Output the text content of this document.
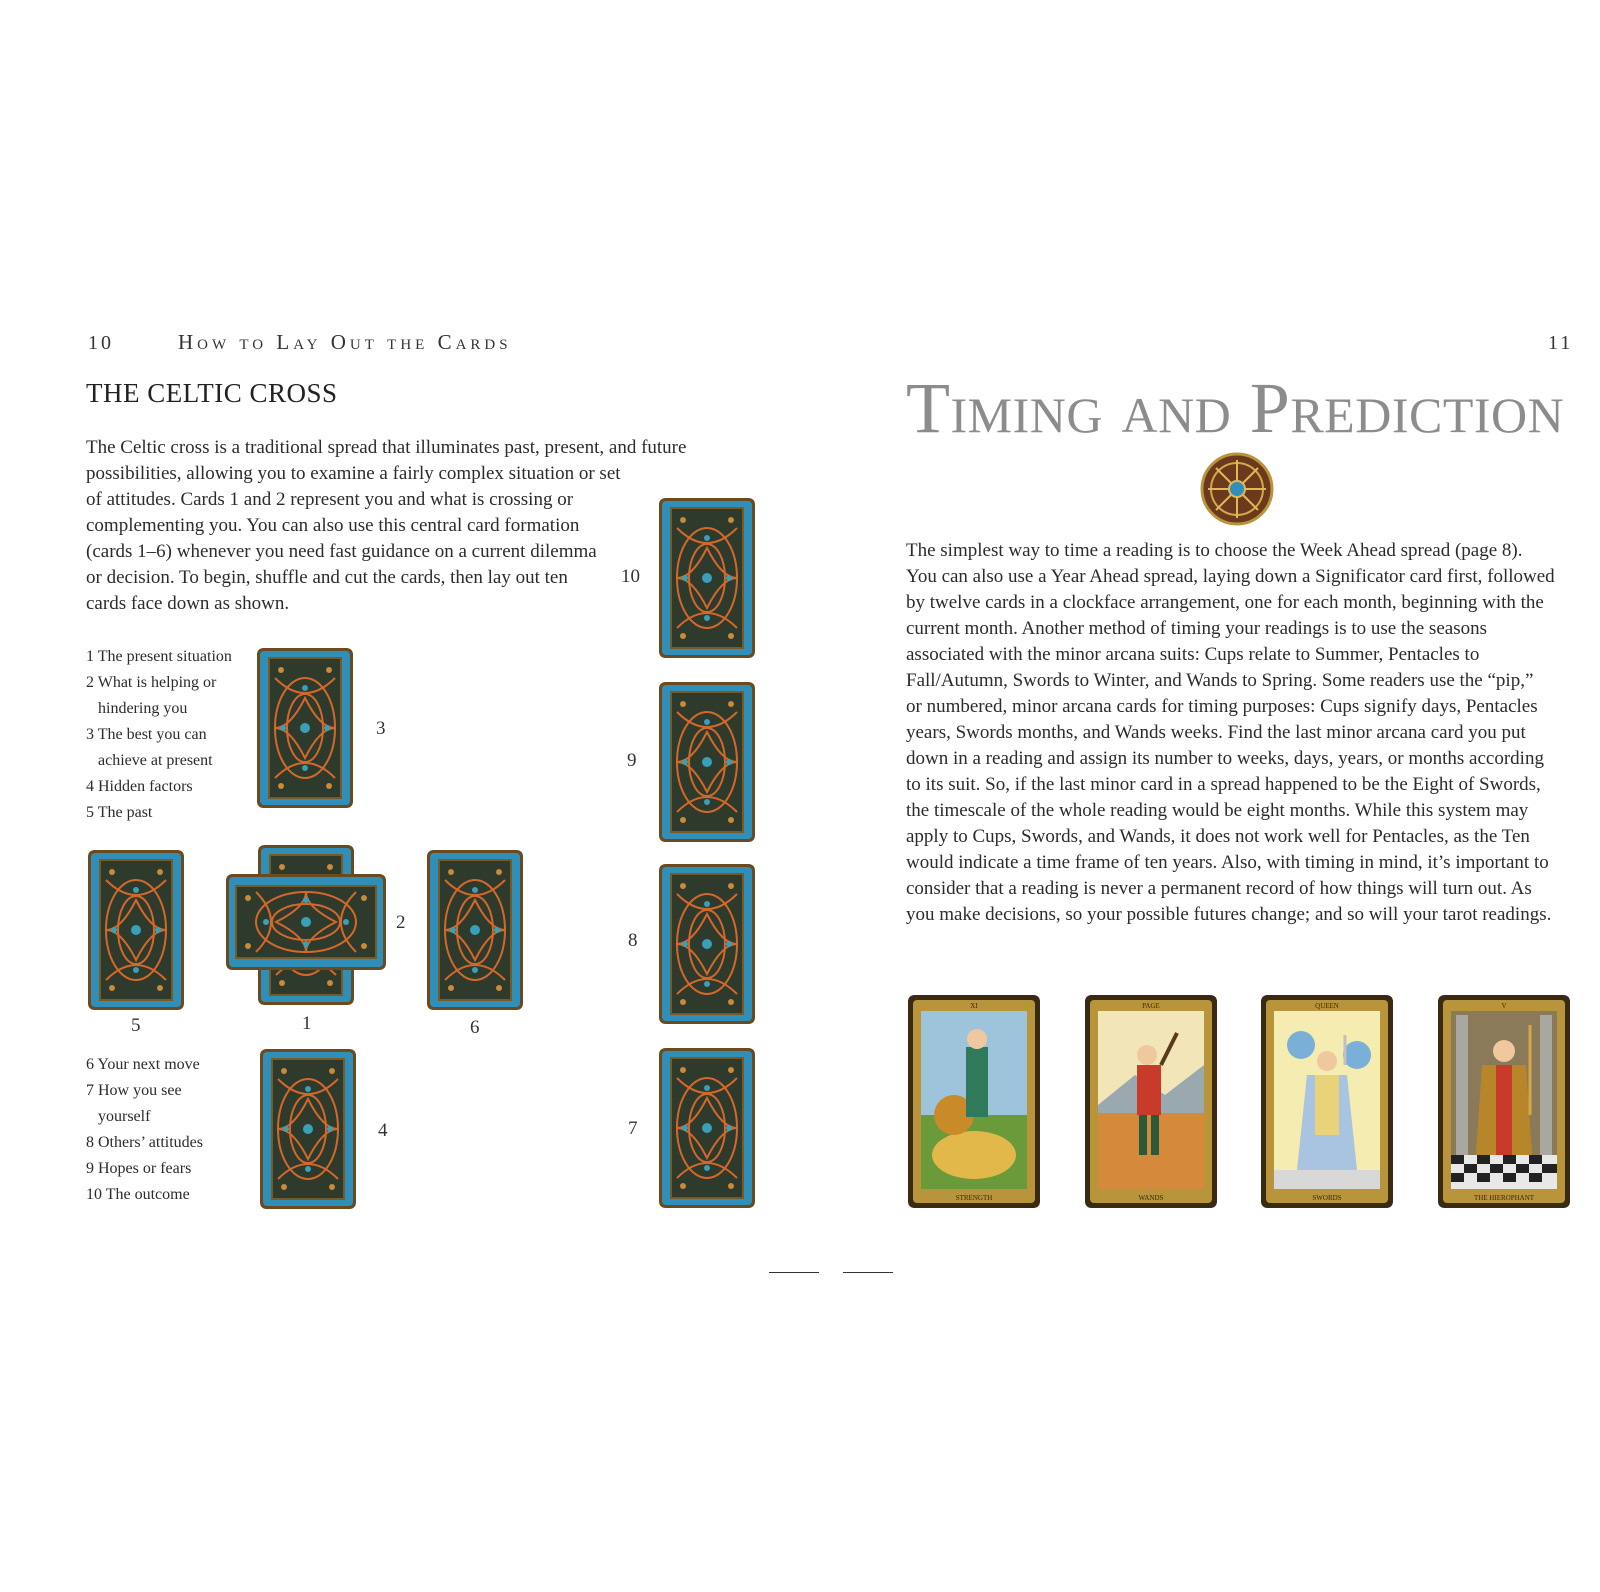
10	How to Lay Out the Cards
THE CELTIC CROSS

The Celtic cross is a traditional spread that illuminates past, present, and future

possibilities, allowing you to examine a fairly complex situation or set

of attitudes. Cards 1 and 2 represent you and what is crossing or

complementing you. You can also use this central card formation

(cards 1–6) whenever you need fast guidance on a current dilemma

or decision. To begin, shuffle and cut the cards, then lay out ten

cards face down as shown.

1 The present situation
2 What is helping or hindering you
3 The best you can achieve at present
4 Hidden factors
5 The past
6 Your next move
7 How you see yourself
8 Others’ attitudes
9 Hopes or fears
10 The outcome
3
5
2
1	6
4
10
9
8
7
11
Timing and Prediction

The simplest way to time a reading is to choose the Week Ahead spread (page 8).

You can also use a Year Ahead spread, laying down a Significator card first, followed

by twelve cards in a clockface arrangement, one for each month, beginning with the

current month. Another method of timing your readings is to use the seasons

associated with the minor arcana suits: Cups relate to Summer, Pentacles to

Fall/Autumn, Swords to Winter, and Wands to Spring. Some readers use the “pip,”

or numbered, minor arcana cards for timing purposes: Cups signify days, Pentacles

years, Swords months, and Wands weeks. Find the last minor arcana card you put

down in a reading and assign its number to weeks, days, years, or months according

to its suit. So, if the last minor card in a spread happened to be the Eight of Swords,

the timescale of the whole reading would be eight months. While this system may

apply to Cups, Swords, and Wands, it does not work well for Pentacles, as the Ten

would indicate a time frame of ten years. Also, with timing in mind, it’s important to

consider that a reading is never a permanent record of how things will turn out. As

you make decisions, so your possible futures change; and so will your tarot readings.

XI
STRENGTH
PAGE
WANDS
QUEEN
SWORDS
V
THE HIEROPHANT
